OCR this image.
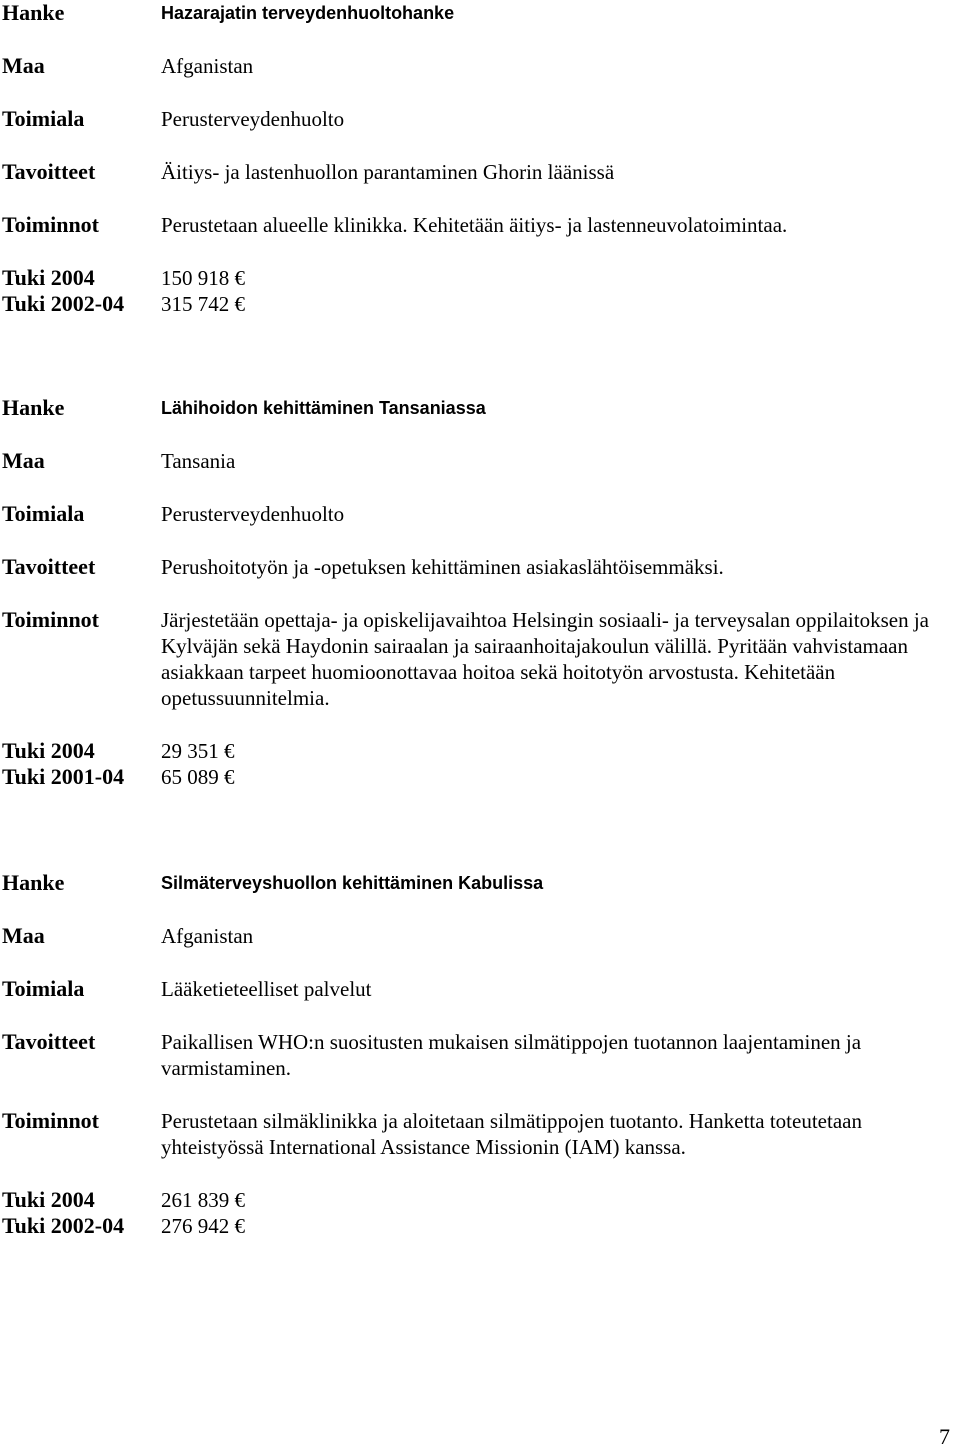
Hanke	Hazarajatin terveydenhuoltohanke
Maa	Afganistan
Toimiala	Perusterveydenhuolto
Tavoitteet	Äitiys- ja lastenhuollon parantaminen Ghorin läänissä
Toiminnot	Perustetaan alueelle klinikka. Kehitetään äitiys- ja lastenneuvolatoimintaa.
Tuki 2004	150 918 €
Tuki 2002-04	315 742 €
Hanke	Lähihoidon kehittäminen Tansaniassa
Maa	Tansania
Toimiala	Perusterveydenhuolto
Tavoitteet	Perushoitotyön ja -opetuksen kehittäminen asiakaslähtöisemmäksi.
Toiminnot	Järjestetään opettaja- ja opiskelijavaihtoa Helsingin sosiaali- ja terveysalan oppilaitoksen ja Kylväjän sekä Haydonin sairaalan ja sairaanhoitajakoulun välillä. Pyritään vahvistamaan asiakkaan tarpeet huomioonottavaa hoitoa sekä hoitotyön arvostusta. Kehitetään opetussuunnitelmia.
Tuki 2004	29 351 €
Tuki 2001-04	65 089 €
Hanke	Silmäterveyshuollon kehittäminen Kabulissa
Maa	Afganistan
Toimiala	Lääketieteelliset palvelut
Tavoitteet	Paikallisen WHO:n suositusten mukaisen silmätippojen tuotannon laajentaminen ja varmistaminen.
Toiminnot	Perustetaan silmäklinikka ja aloitetaan silmätippojen tuotanto. Hanketta toteutetaan yhteistyössä International Assistance Missionin (IAM) kanssa.
Tuki 2004	261 839 €
Tuki 2002-04	276 942 €
7
